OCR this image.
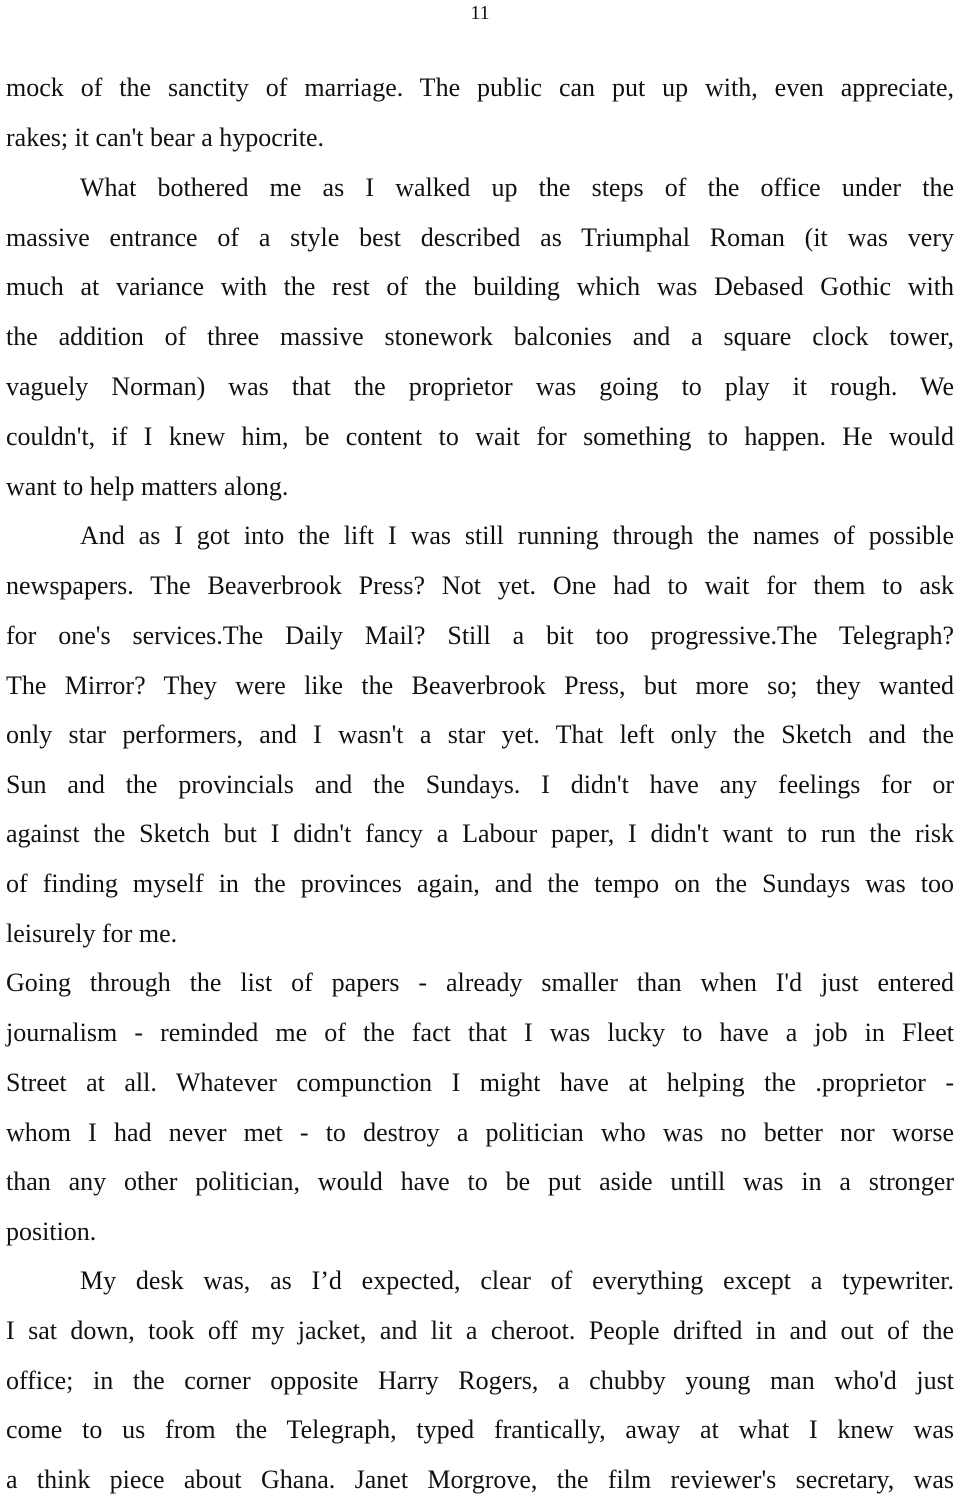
11
mock of the sanctity of marriage. The public can put up with, even appreciate,
rakes; it can't bear a hypocrite.
What bothered me as I walked up the steps of the office under the
massive entrance of a style best described as Triumphal Roman (it was very
much at variance with the rest of the building which was Debased Gothic with
the addition of three massive stonework balconies and a square clock tower,
vaguely Norman) was that the proprietor was going to play it rough. We
couldn't, if I knew him, be content to wait for something to happen. He would
want to help matters along.
And as I got into the lift I was still running through the names of possible
newspapers. The Beaverbrook Press? Not yet. One had to wait for them to ask
for one's services.The Daily Mail? Still a bit too progressive.The Telegraph?
The Mirror? They were like the Beaverbrook Press, but more so; they wanted
only star performers, and I wasn't a star yet. That left only the Sketch and the
Sun and the provincials and the Sundays. I didn't have any feelings for or
against the Sketch but I didn't fancy a Labour paper, I didn't want to run the risk
of finding myself in the provinces again, and the tempo on the Sundays was too
leisurely for me.
Going through the list of papers - already smaller than when I'd just entered
journalism - reminded me of the fact that I was lucky to have a job in Fleet
Street at all. Whatever compunction I might have at helping the .proprietor -
whom I had never met - to destroy a politician who was no better nor worse
than any other politician, would have to be put aside untill was in a stronger
position.
My desk was, as I’d expected, clear of everything except a typewriter.
I sat down, took off my jacket, and lit a cheroot. People drifted in and out of the
office; in the corner opposite Harry Rogers, a chubby young man who'd just
come to us from the Telegraph, typed frantically, away at what I knew was
a think piece about Ghana. Janet Morgrove, the film reviewer's secretary, was
